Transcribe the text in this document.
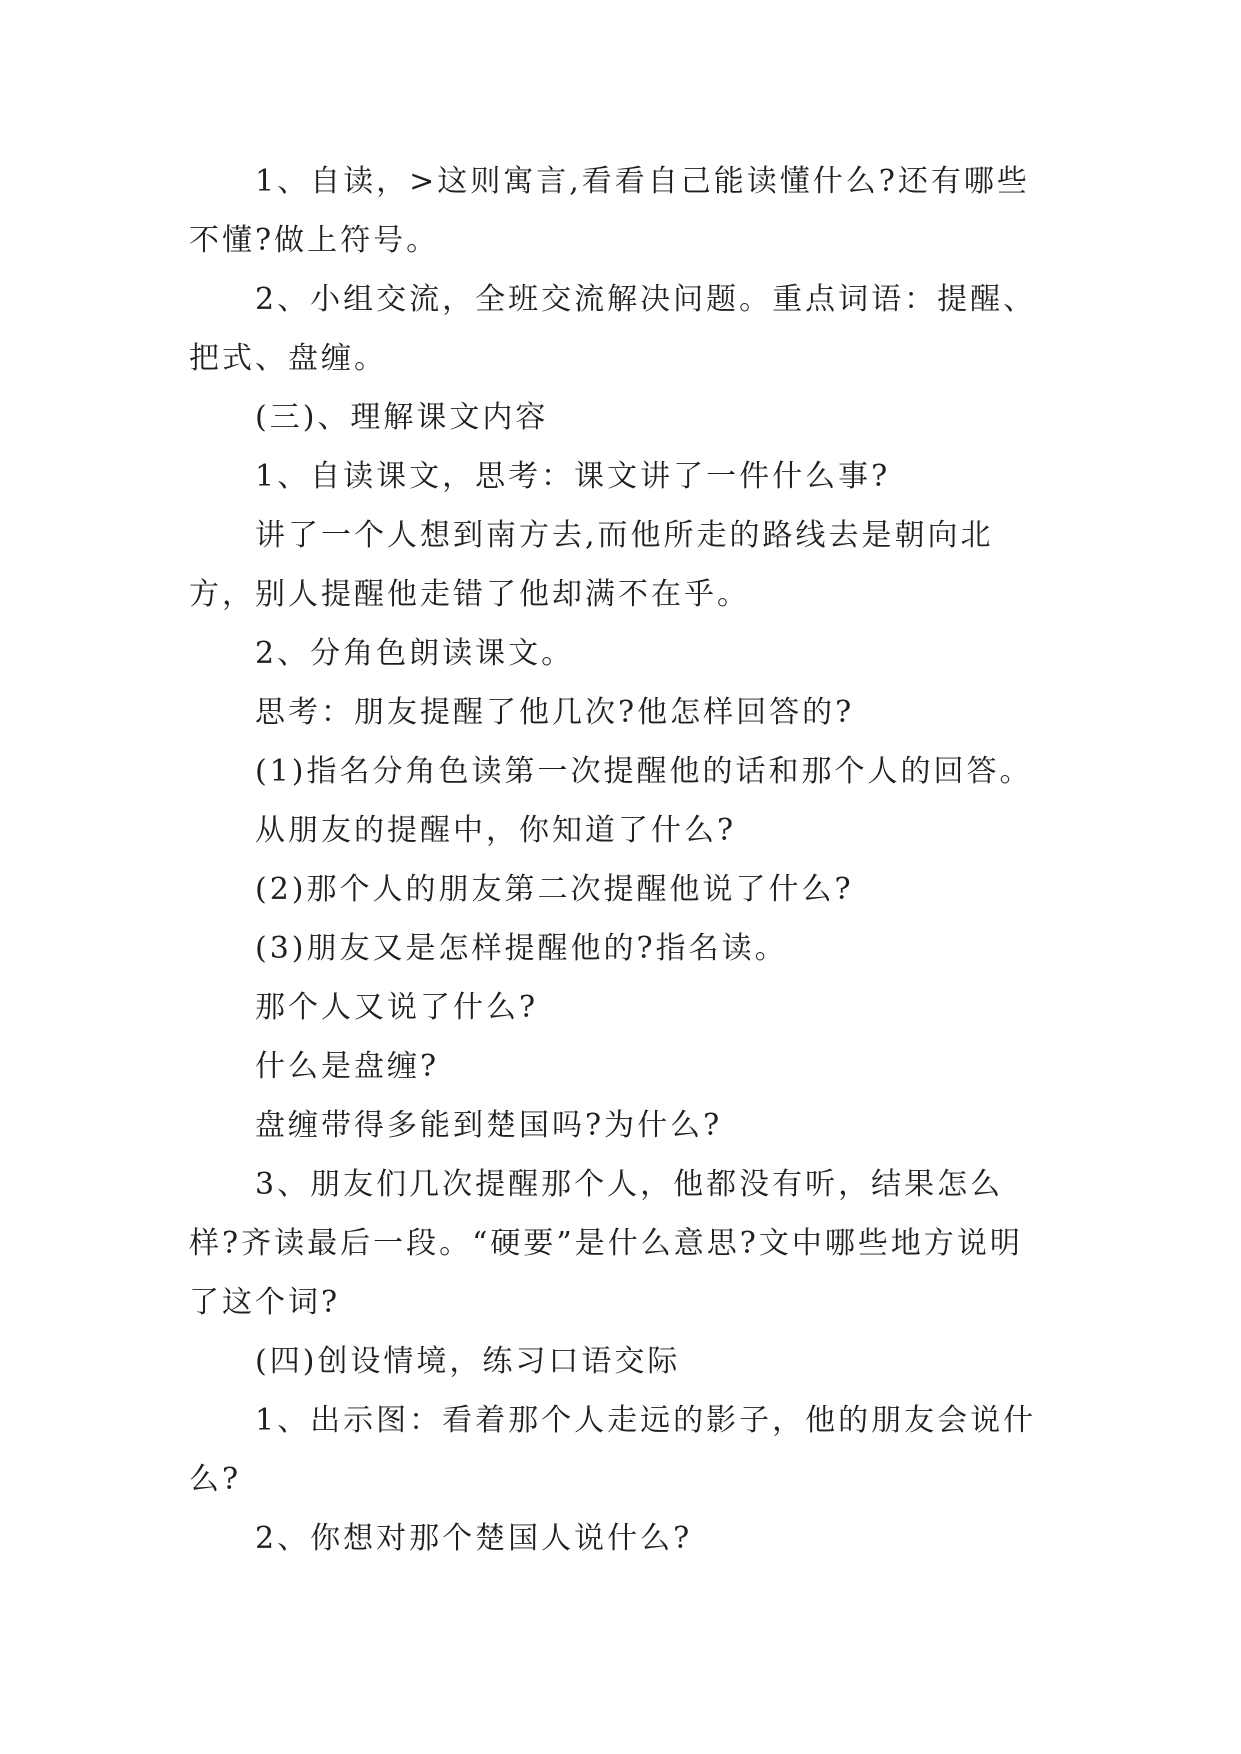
1、自读，>这则寓言,看看自己能读懂什么?还有哪些不懂?做上符号。

2、小组交流，全班交流解决问题。重点词语：提醒、把式、盘缠。

(三)、理解课文内容

1、自读课文，思考：课文讲了一件什么事?

讲了一个人想到南方去,而他所走的路线去是朝向北方，别人提醒他走错了他却满不在乎。

2、分角色朗读课文。

思考：朋友提醒了他几次?他怎样回答的?

(1)指名分角色读第一次提醒他的话和那个人的回答。

从朋友的提醒中，你知道了什么?

(2)那个人的朋友第二次提醒他说了什么?

(3)朋友又是怎样提醒他的?指名读。

那个人又说了什么?

什么是盘缠?

盘缠带得多能到楚国吗?为什么?

3、朋友们几次提醒那个人，他都没有听，结果怎么样?齐读最后一段。“硬要”是什么意思?文中哪些地方说明了这个词?

(四)创设情境，练习口语交际

1、出示图：看着那个人走远的影子，他的朋友会说什么?

2、你想对那个楚国人说什么?
